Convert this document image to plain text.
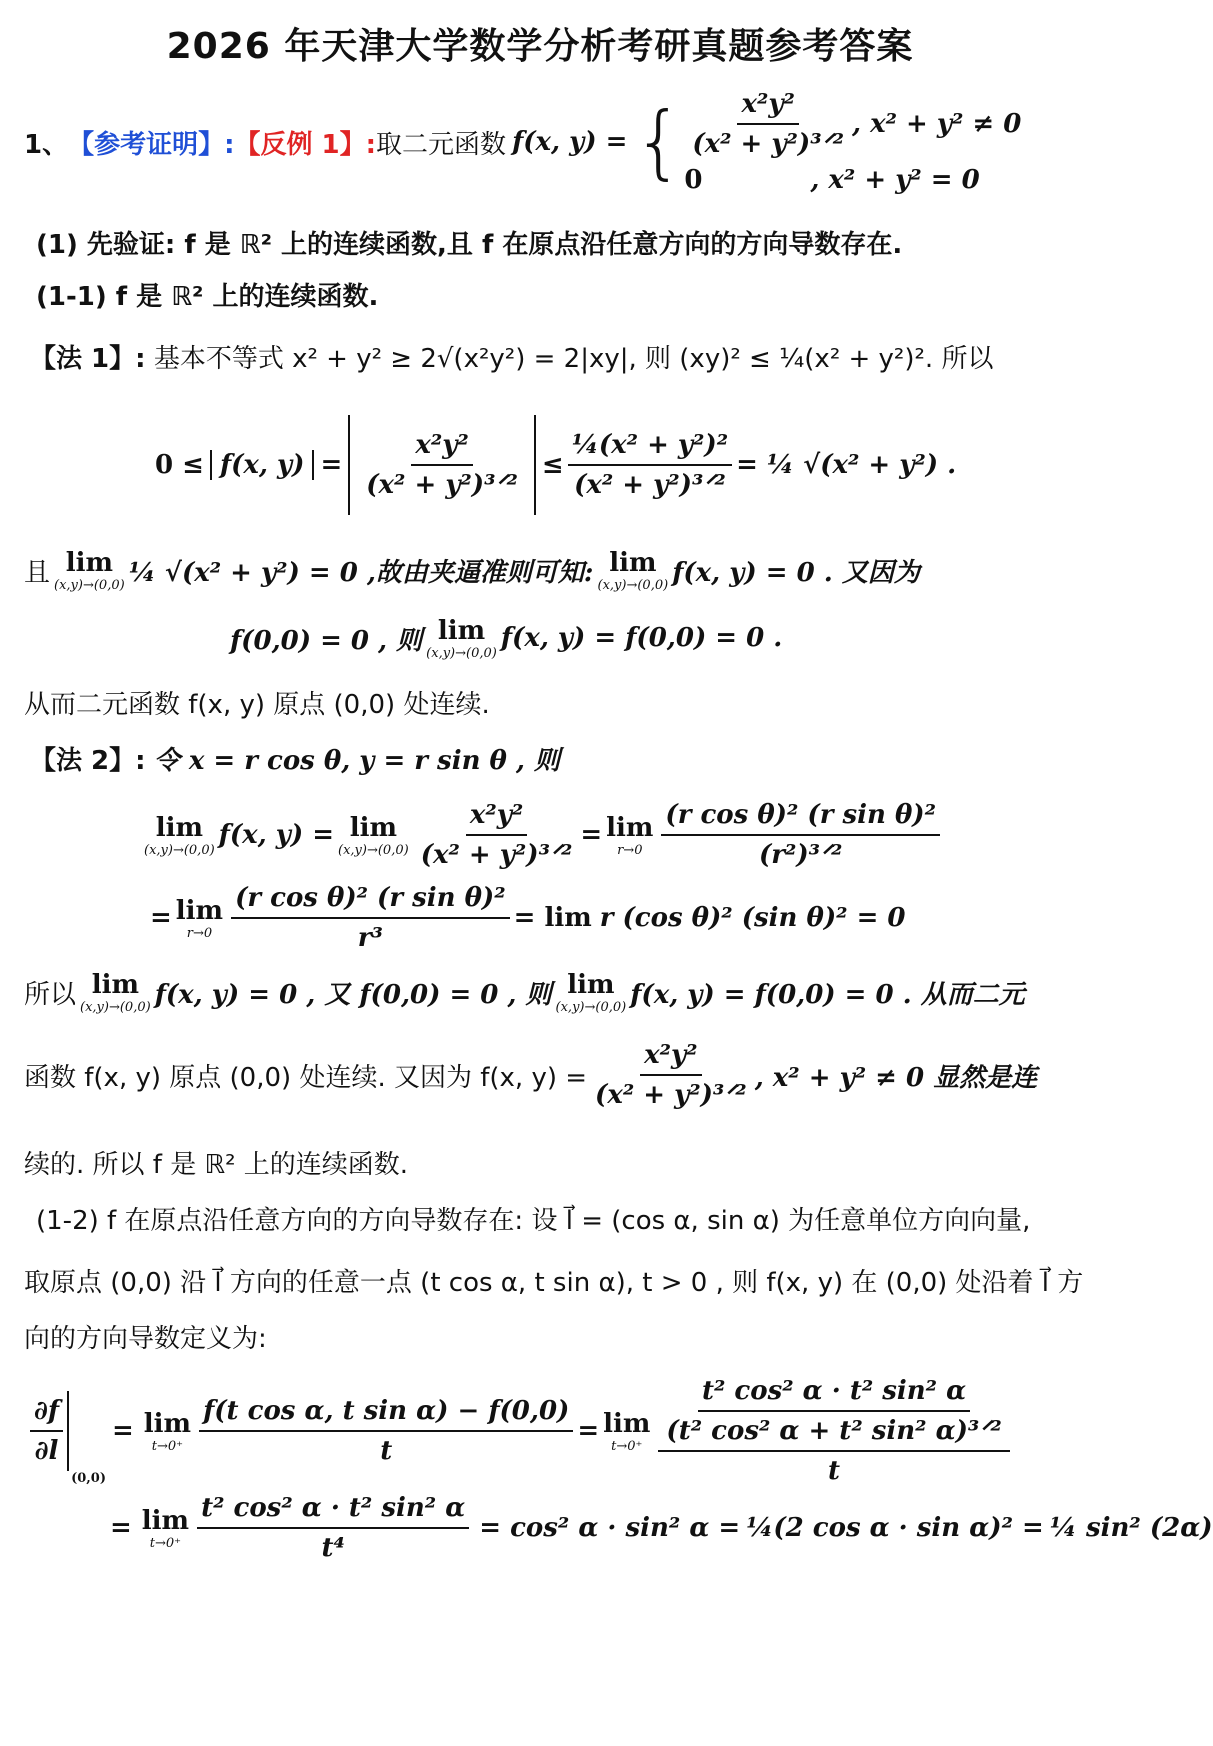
2026 年天津大学数学分析考研真题参考答案
1、 【参考证明】: 【反例 1】: 取二元函数 f(x, y) = { $\frac{\text{x²y²}}{\text{(x² + y²)³ᐟ²}}$ , x² + y² ≠ 0
0	, x² + y² = 0
(1) 先验证: f 是 ℝ² 上的连续函数,且 f 在原点沿任意方向的方向导数存在.
(1-1) f 是 ℝ² 上的连续函数.
【法 1】: 基本不等式 x² + y² ≥ 2√(x²y²) = 2|xy|, 则 (xy)² ≤ ¼(x² + y²)². 所以
0 ≤ f(x, $y) = \frac{\text{x²y²}}{\text{(x² + y²)³ᐟ²}} \le \frac{\text{¼(x² + y²)²}}{\text{(x² + y²)³ᐟ²}}$ = ¼ √(x² + y²) .
且 lim
(x,y)→(0,0) ¼ √(x² + y²) = 0 ,故由夹逼准则可知: lim
(x,y)→(0,0) f(x, y) = 0 . 又因为
f(0,0) = 0 , 则 lim
(x,y)→(0,0) f(x, y) = f(0,0) = 0 .
从而二元函数 f(x, y) 原点 (0,0) 处连续.
【法 2】: 令 x = r cos θ, y = r sin θ , 则
lim
(x,y)→(0,0) f(x, y) = lim
$(x,y)\to(0,0) \frac{\text{x²y²}}{\text{(x² + y²)³ᐟ²}} = \lim$
$r\to 0 \frac{\text{(r cos θ)² (r sin θ)²}}{\text{(r²)³ᐟ²}}$
= lim
$r\to 0 \frac{\text{(r cos θ)² (r sin θ)²}}{\text{r³}} = \lim r$ (cos θ)² (sin θ)² = 0
所以 lim
(x,y)→(0,0) f(x, y) = 0 , 又 f(0,0) = 0 , 则 lim
(x,y)→(0,0) f(x, y) = f(0,0) = 0 . 从而二元
函数 f(x, y) 原点 (0,0) 处连续. 又因为 f(x, $y) = \frac{\text{x²y²}}{\text{(x² + y²)³ᐟ²}}$ , x² + y² ≠ 0 显然是连
续的. 所以 f 是 ℝ² 上的连续函数.
(1-2) f 在原点沿任意方向的方向导数存在: 设 l⃗ = (cos α, sin α) 为任意单位方向向量,
取原点 (0,0) 沿 l⃗ 方向的任意一点 (t cos α, t sin α), t > 0 , 则 f(x, y) 在 (0,0) 处沿着 l⃗ 方
向的方向导数定义为:
$\frac{\partial f}{\partial l}$
(0,0)
= lim
$t\to 0^+ \frac{\text{f(t cos α, t sin α) − f(0,0)}}{t} = \lim$
$t\to 0^+ \frac{\frac{\text{t² cos² α · t² sin² α}}{\text{(t² cos² α + t² sin² α)³ᐟ²}}}{t}$
= lim
$t\to 0^+ \frac{\text{t² cos² α · t² sin² α}}{\text{t⁴}} = \cos^2$ α · sin² α = ¼(2 cos α · sin α)² = ¼ sin² (2α)
